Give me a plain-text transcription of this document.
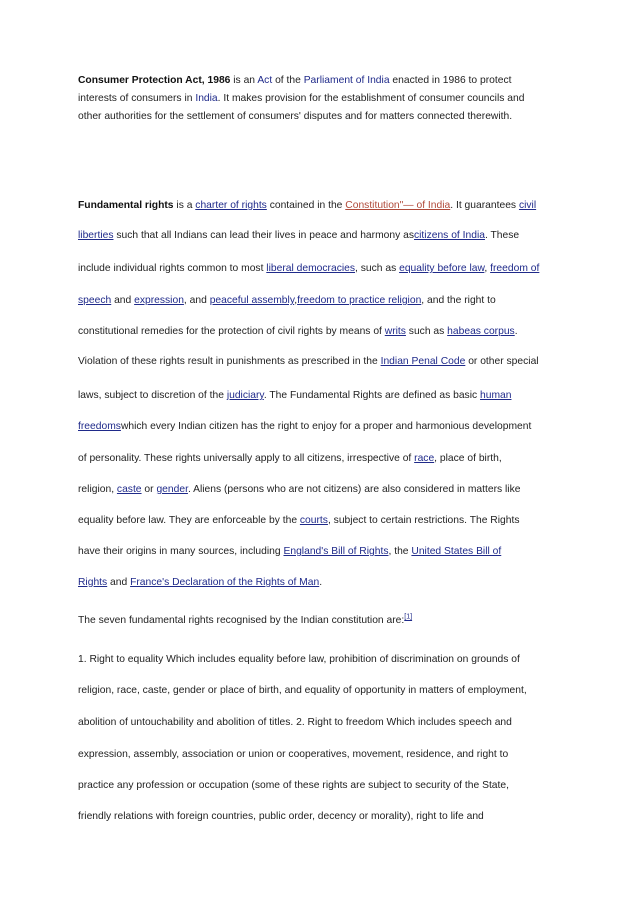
Consumer Protection Act, 1986 is an Act of the Parliament of India enacted in 1986 to protect
interests of consumers in India. It makes provision for the establishment of consumer councils and
other authorities for the settlement of consumers' disputes and for matters connected therewith.
Fundamental rights is a charter of rights contained in the Constitution"— of India. It guarantees civil
liberties such that all Indians can lead their lives in peace and harmony ascitizens of India. These
include individual rights common to most liberal democracies, such as equality before law, freedom of
speech and expression, and peaceful assembly,freedom to practice religion, and the right to
constitutional remedies for the protection of civil rights by means of writs such as habeas corpus.
Violation of these rights result in punishments as prescribed in the Indian Penal Code or other special
laws, subject to discretion of the judiciary. The Fundamental Rights are defined as basic human
freedomswhich every Indian citizen has the right to enjoy for a proper and harmonious development
of personality. These rights universally apply to all citizens, irrespective of race, place of birth,
religion, caste or gender. Aliens (persons who are not citizens) are also considered in matters like
equality before law. They are enforceable by the courts, subject to certain restrictions. The Rights
have their origins in many sources, including England's Bill of Rights, the United States Bill of
Rights and France's Declaration of the Rights of Man.
The seven fundamental rights recognised by the Indian constitution are:[1]
1. Right to equality Which includes equality before law, prohibition of discrimination on grounds of
religion, race, caste, gender or place of birth, and equality of opportunity in matters of employment,
abolition of untouchability and abolition of titles. 2. Right to freedom Which includes speech and
expression, assembly, association or union or cooperatives, movement, residence, and right to
practice any profession or occupation (some of these rights are subject to security of the State,
friendly relations with foreign countries, public order, decency or morality), right to life and
